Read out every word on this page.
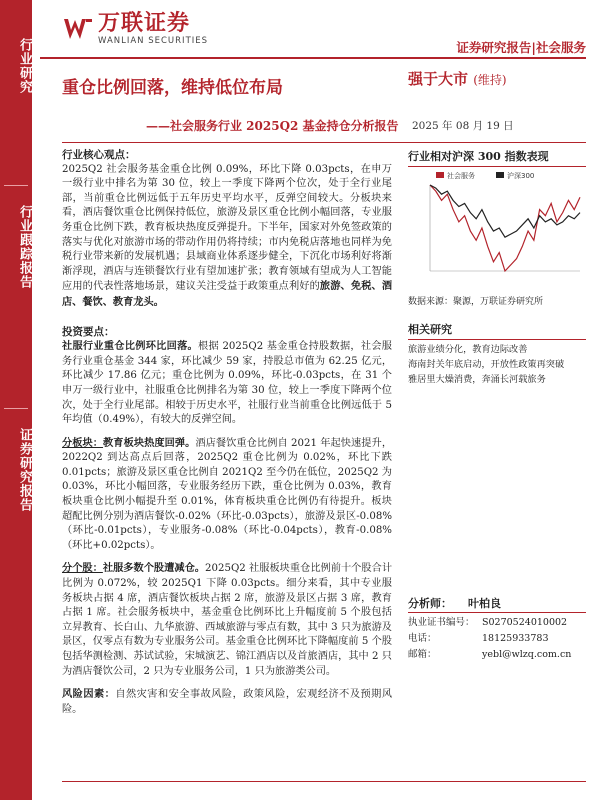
行业研究
行业跟踪报告
证券研究报告
万联证券
WANLIAN SECURITIES	证券研究报告|社会服务
重仓比例回落，维持低位布局
——社会服务行业 2025Q2 基金持仓分析报告
强于大市 (维持)
2025 年 08 月 19 日
行业核心观点：

2025Q2 社会服务基金重仓比例 0.09%，环比下降 0.03pcts，在申万一级行业中排名为第 30 位，较上一季度下降两个位次，处于全行业尾部，当前重仓比例远低于五年历史平均水平，反弹空间较大。分板块来看，酒店餐饮重仓比例保持低位，旅游及景区重仓比例小幅回落，专业服务重仓比例下跌，教育板块热度反弹提升。下半年，国家对外免签政策的落实与优化对旅游市场的带动作用仍将持续；市内免税店落地也同样为免税行业带来新的发展机遇；县域商业体系逐步健全，下沉化市场利好将渐渐浮现，酒店与连锁餐饮行业有望加速扩张；教育领域有望成为人工智能应用的代表性落地场景，建议关注受益于政策重点利好的旅游、免税、酒店、餐饮、教育龙头。

投资要点：

社服行业重仓比例环比回落。根据 2025Q2 基金重仓持股数据，社会服务行业重仓基金 344 家，环比减少 59 家，持股总市值为 62.25 亿元，环比减少 17.86 亿元；重仓比例为 0.09%，环比-0.03pcts，在 31 个申万一级行业中，社服重仓比例排名为第 30 位，较上一季度下降两个位次，处于全行业尾部。相较于历史水平，社服行业当前重仓比例远低于 5 年均值（0.49%），有较大的反弹空间。

分板块：教育板块热度回弹。酒店餐饮重仓比例自 2021 年起快速提升，2022Q2 到达高点后回落，2025Q2 重仓比例为 0.02%，环比下跌 0.01pcts；旅游及景区重仓比例自 2021Q2 至今仍在低位，2025Q2 为 0.03%，环比小幅回落，专业服务经历下跌，重仓比例为 0.03%，教育板块重仓比例小幅提升至 0.01%，体育板块重仓比例仍有待提升。板块超配比例分别为酒店餐饮-0.02%（环比-0.03pcts），旅游及景区-0.08%（环比-0.01pcts），专业服务-0.08%（环比-0.04pcts），教育-0.08%（环比+0.02pcts）。

分个股：社服多数个股遭减仓。2025Q2 社服板块重仓比例前十个股合计比例为 0.072%，较 2025Q1 下降 0.03pcts。细分来看，其中专业服务板块占据 4 席，酒店餐饮板块占据 2 席，旅游及景区占据 3 席，教育占据 1 席。社会服务板块中，基金重仓比例环比上升幅度前 5 个股包括立昇教育、长白山、九华旅游、西域旅游与零点有数，其中 3 只为旅游及景区，仅零点有数为专业服务公司。基金重仓比例环比下降幅度前 5 个股包括华测检测、苏试试验，宋城演艺、锦江酒店以及首旅酒店，其中 2 只为酒店餐饮公司，2 只为专业服务公司，1 只为旅游类公司。

风险因素：自然灾害和安全事故风险，政策风险，宏观经济不及预期风险。

行业相对沪深 300 指数表现
社会服务	沪深300
数据来源：聚源，万联证券研究所
相关研究
旅游业绩分化，教育边际改善
海南封关年底启动，开放性政策再突破
雅居里大燥消费，奔涌长河载旅务
分析师：	叶柏良
执业证书编号： S0270524010002
电话：	18125933783
邮箱：	yebl@wlzq.com.cn
